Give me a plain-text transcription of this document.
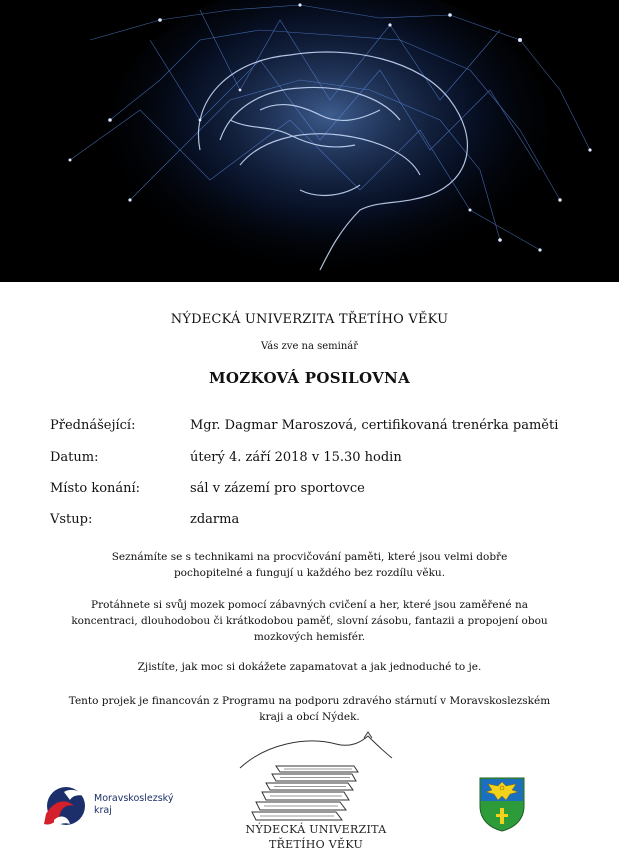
NÝDECKÁ UNIVERZITA TŘETÍHO VĚKU
Vás zve na seminář
MOZKOVÁ POSILOVNA
Přednášející:	Mgr. Dagmar Maroszová, certifikovaná trenérka paměti
Datum:	úterý 4. září 2018 v 15.30 hodin
Místo konání:	sál v zázemí pro sportovce
Vstup:	zdarma
Seznámíte se s technikami na procvičování paměti, které jsou velmi dobře
pochopitelné a fungují u každého bez rozdílu věku.
Protáhnete si svůj mozek pomocí zábavných cvičení a her, které jsou zaměřené na
koncentraci, dlouhodobou či krátkodobou paměť, slovní zásobu, fantazii a propojení obou
mozkových hemisfér.
Zjistíte, jak moc si dokážete zapamatovat a jak jednoduché to je.
Tento projek je financován z Programu na podporu zdravého stárnutí v Moravskoslezském
kraji a obcí Nýdek.
Moravskoslezský
kraj
NÝDECKÁ UNIVERZITA
TŘETÍHO VĚKU
